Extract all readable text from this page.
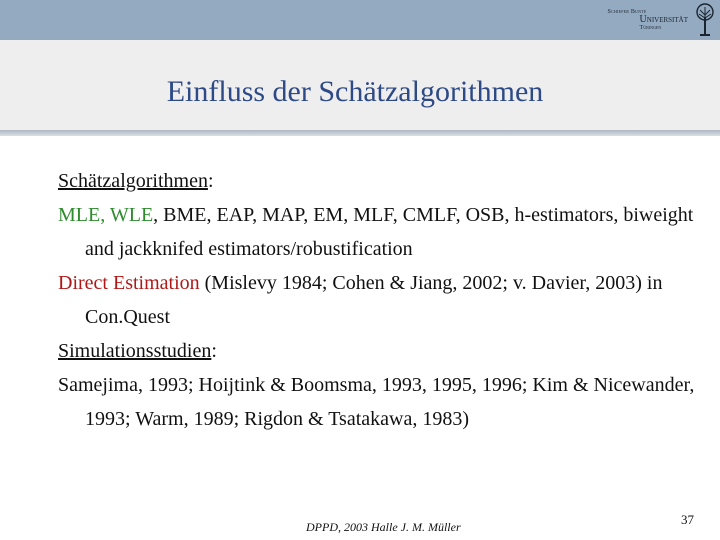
Schiefer Bunte
Universität
Tübingen
Einfluss der Schätzalgorithmen

Schätzalgorithmen:

MLE, WLE, BME, EAP, MAP, EM, MLF, CMLF, OSB, h-estimators, biweight and jackknifed estimators/robustification

Direct Estimation (Mislevy 1984; Cohen & Jiang, 2002; v. Davier, 2003) in Con.Quest

Simulationsstudien:

Samejima, 1993; Hoijtink & Boomsma, 1993, 1995, 1996; Kim & Nicewander, 1993; Warm, 1989; Rigdon & Tsatakawa, 1983)

DPPD, 2003 Halle J. M. Müller	37
